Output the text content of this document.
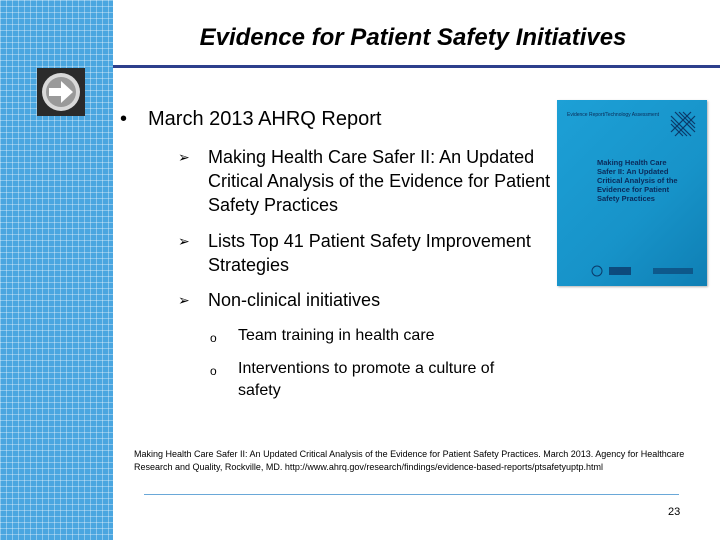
Evidence for Patient Safety Initiatives
• March 2013 AHRQ Report
➢ Making Health Care Safer II: An Updated Critical Analysis of the Evidence for Patient Safety Practices
➢ Lists Top 41 Patient Safety Improvement Strategies
➢ Non-clinical initiatives
o Team training in health care
o Interventions to promote a culture of safety
Evidence Report/Technology Assessment
Making Health Care
Safer II: An Updated
Critical Analysis of the
Evidence for Patient
Safety Practices
Making Health Care Safer II: An Updated Critical Analysis of the Evidence for Patient Safety Practices. March 2013. Agency for Healthcare Research and Quality, Rockville, MD. http://www.ahrq.gov/research/findings/evidence-based-reports/ptsafetyuptp.html
23
